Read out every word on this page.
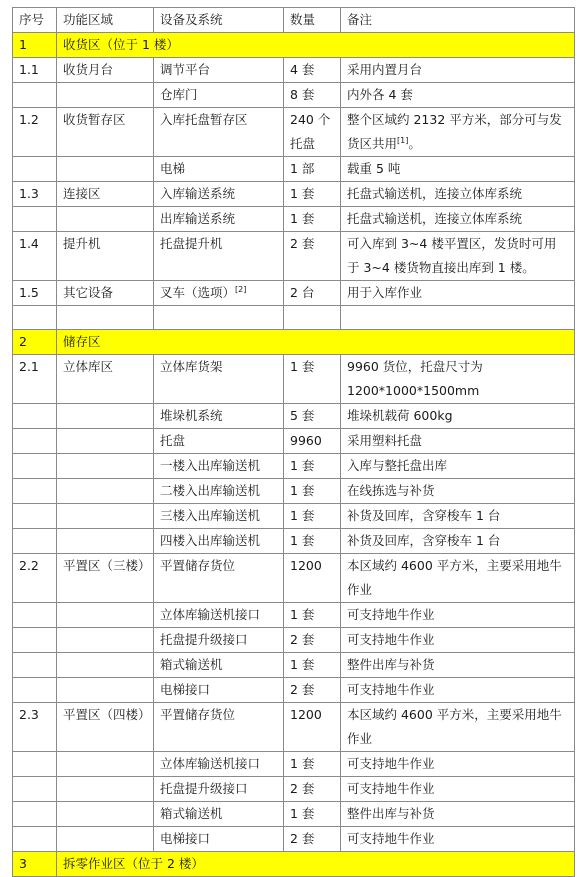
序号	功能区域	设备及系统	数量	备注
1	收货区（位于 1 楼）			
1.1	收货月台	调节平台	4 套	采用内置月台
		仓库门	8 套	内外各 4 套
1.2	收货暂存区	入库托盘暂存区	240 个托盘	整个区域约 2132 平方米，部分可与发货区共用[1]。
		电梯	1 部	载重 5 吨
1.3	连接区	入库输送系统	1 套	托盘式输送机，连接立体库系统
		出库输送系统	1 套	托盘式输送机，连接立体库系统
1.4	提升机	托盘提升机	2 套	可入库到 3~4 楼平置区，发货时可用于 3~4 楼货物直接出库到 1 楼。
1.5	其它设备	叉车（选项）[2]	2 台	用于入库作业

2	储存区			
2.1	立体库区	立体库货架	1 套	9960 货位，托盘尺寸为 1200*1000*1500mm
		堆垛机系统	5 套	堆垛机载荷 600kg
		托盘	9960	采用塑料托盘
		一楼入出库输送机	1 套	入库与整托盘出库
		二楼入出库输送机	1 套	在线拣选与补货
		三楼入出库输送机	1 套	补货及回库，含穿梭车 1 台
		四楼入出库输送机	1 套	补货及回库，含穿梭车 1 台
2.2	平置区（三楼）	平置储存货位	1200	本区域约 4600 平方米，主要采用地牛作业
		立体库输送机接口	1 套	可支持地牛作业
		托盘提升级接口	2 套	可支持地牛作业
		箱式输送机	1 套	整件出库与补货
		电梯接口	2 套	可支持地牛作业
2.3	平置区（四楼）	平置储存货位	1200	本区域约 4600 平方米，主要采用地牛作业
		立体库输送机接口	1 套	可支持地牛作业
		托盘提升级接口	2 套	可支持地牛作业
		箱式输送机	1 套	整件出库与补货
		电梯接口	2 套	可支持地牛作业
3	拆零作业区（位于 2 楼）			
